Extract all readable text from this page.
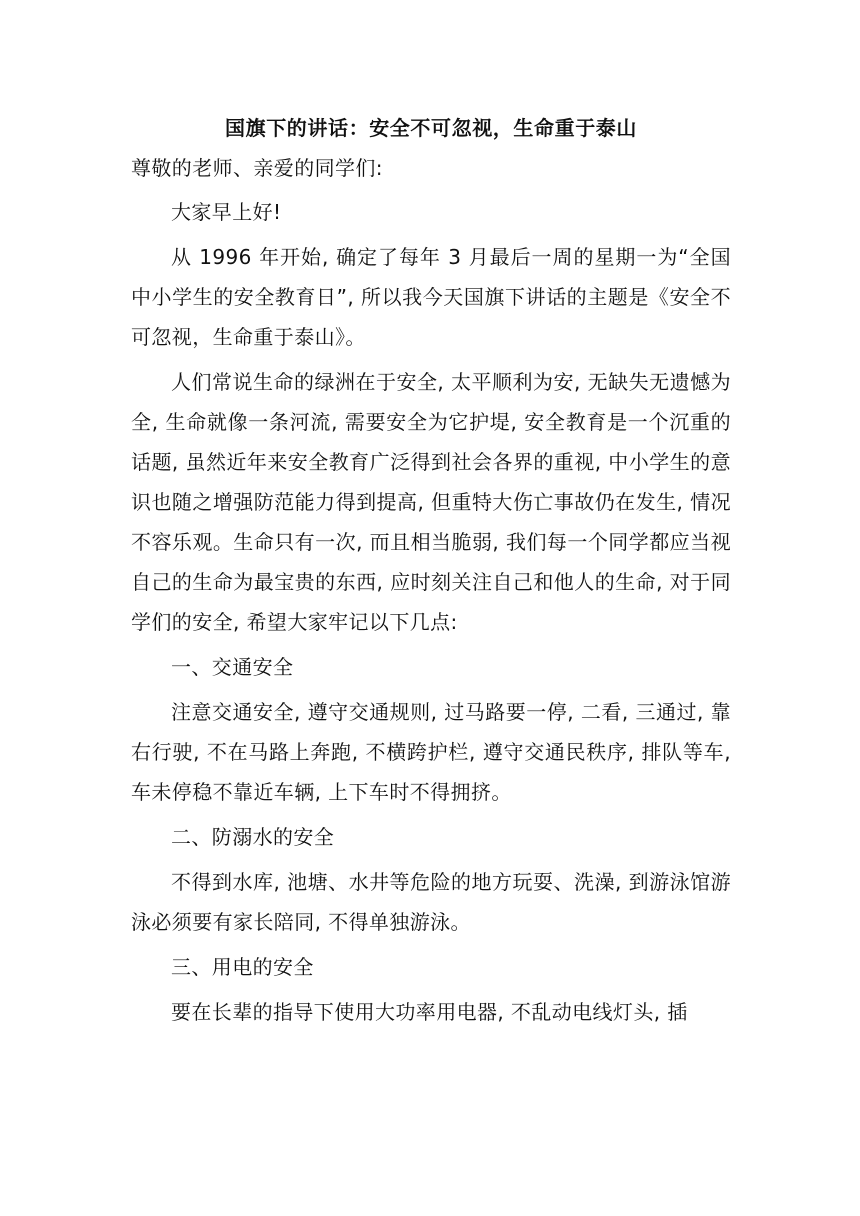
国旗下的讲话：安全不可忽视，生命重于泰山

尊敬的老师、亲爱的同学们:

大家早上好!

从 1996 年开始, 确定了每年 3 月最后一周的星期一为“全国中小学生的安全教育日”, 所以我今天国旗下讲话的主题是《安全不可忽视，生命重于泰山》。

人们常说生命的绿洲在于安全, 太平顺利为安, 无缺失无遗憾为全, 生命就像一条河流, 需要安全为它护堤, 安全教育是一个沉重的话题, 虽然近年来安全教育广泛得到社会各界的重视, 中小学生的意识也随之增强防范能力得到提高, 但重特大伤亡事故仍在发生, 情况不容乐观。生命只有一次, 而且相当脆弱, 我们每一个同学都应当视自己的生命为最宝贵的东西, 应时刻关注自己和他人的生命, 对于同学们的安全, 希望大家牢记以下几点:

一、交通安全

注意交通安全, 遵守交通规则, 过马路要一停, 二看, 三通过, 靠右行驶, 不在马路上奔跑, 不横跨护栏, 遵守交通民秩序, 排队等车, 车未停稳不靠近车辆, 上下车时不得拥挤。

二、防溺水的安全

不得到水库, 池塘、水井等危险的地方玩耍、洗澡, 到游泳馆游泳必须要有家长陪同, 不得单独游泳。

三、用电的安全

要在长辈的指导下使用大功率用电器, 不乱动电线灯头, 插
